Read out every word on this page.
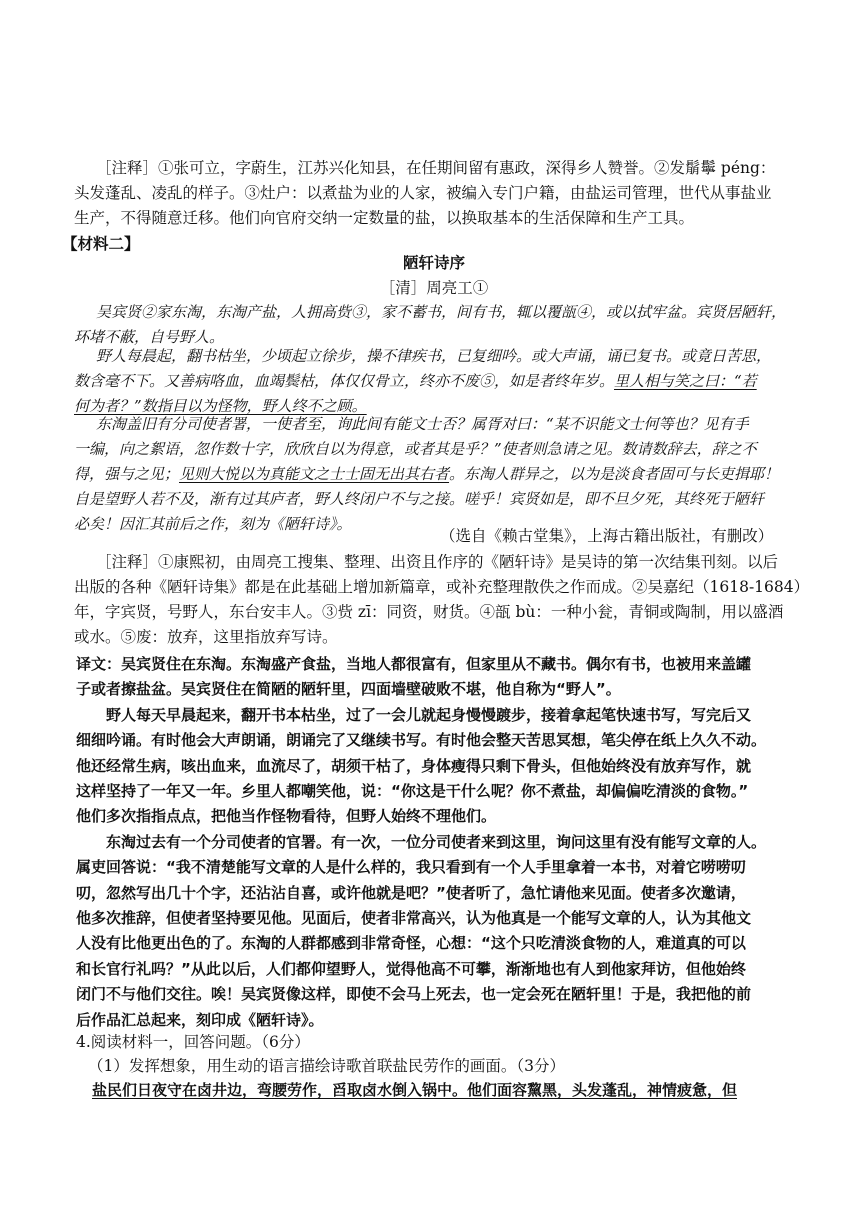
［注释］①张可立，字蔚生，江苏兴化知县，在任期间留有惠政，深得乡人赞誉。②发鬅鬡 péng：

头发蓬乱、凌乱的样子。③灶户：以煮盐为业的人家，被编入专门户籍，由盐运司管理，世代从事盐业

生产，不得随意迁移。他们向官府交纳一定数量的盐，以换取基本的生活保障和生产工具。

【材料二】
陋轩诗序
［清］周亮工①

吴宾贤②家东淘，东淘产盐，人拥高赀③，家不蓄书，间有书，辄以覆瓿④，或以拭牢盆。宾贤居陋轩，

环堵不蔽，自号野人。

野人每晨起，翻书枯坐，少顷起立徐步，操不律疾书，已复细吟。或大声诵，诵已复书。或竟日苦思，

数含毫不下。又善病咯血，血竭鬓枯，体仅仅骨立，终亦不废⑤，如是者终年岁。里人相与笑之曰：“若

何为者？”数指目以为怪物，野人终不之顾。

东淘盖旧有分司使者署，一使者至，询此间有能文士否？属胥对曰：“某不识能文士何等也？见有手

一编，向之絮语，忽作数十字，欣欣自以为得意，或者其是乎？”使者则急请之见。数请数辞去，辞之不

得，强与之见；见则大悦以为真能文之士士固无出其右者。东淘人群异之，以为是淡食者固可与长吏揖耶！

自是望野人若不及，渐有过其庐者，野人终闭户不与之接。嗟乎！宾贤如是，即不旦夕死，其终死于陋轩

必矣！因汇其前后之作，刻为《陋轩诗》。

（选自《赖古堂集》，上海古籍出版社，有删改）

［注释］①康熙初，由周亮工搜集、整理、出资且作序的《陋轩诗》是吴诗的第一次结集刊刻。以后

出版的各种《陋轩诗集》都是在此基础上增加新篇章，或补充整理散佚之作而成。②吴嘉纪（1618-1684）

年，字宾贤，号野人，东台安丰人。③赀 zī：同资，财货。④瓿 bù：一种小瓮，青铜或陶制，用以盛酒

或水。⑤废：放弃，这里指放弃写诗。

译文：吴宾贤住在东淘。东淘盛产食盐，当地人都很富有，但家里从不藏书。偶尔有书，也被用来盖罐

子或者擦盐盆。吴宾贤住在简陋的陋轩里，四面墙壁破败不堪，他自称为“野人”。

　　野人每天早晨起来，翻开书本枯坐，过了一会儿就起身慢慢踱步，接着拿起笔快速书写，写完后又

细细吟诵。有时他会大声朗诵，朗诵完了又继续书写。有时他会整天苦思冥想，笔尖停在纸上久久不动。

他还经常生病，咳出血来，血流尽了，胡须干枯了，身体瘦得只剩下骨头，但他始终没有放弃写作，就

这样坚持了一年又一年。乡里人都嘲笑他，说：“你这是干什么呢？你不煮盐，却偏偏吃清淡的食物。”

他们多次指指点点，把他当作怪物看待，但野人始终不理他们。

　　东淘过去有一个分司使者的官署。有一次，一位分司使者来到这里，询问这里有没有能写文章的人。

属吏回答说：“我不清楚能写文章的人是什么样的，我只看到有一个人手里拿着一本书，对着它唠唠叨

叨，忽然写出几十个字，还沾沾自喜，或许他就是吧？”使者听了，急忙请他来见面。使者多次邀请，

他多次推辞，但使者坚持要见他。见面后，使者非常高兴，认为他真是一个能写文章的人，认为其他文

人没有比他更出色的了。东淘的人群都感到非常奇怪，心想：“这个只吃清淡食物的人，难道真的可以

和长官行礼吗？”从此以后，人们都仰望野人，觉得他高不可攀，渐渐地也有人到他家拜访，但他始终

闭门不与他们交往。唉！吴宾贤像这样，即使不会马上死去，也一定会死在陋轩里！于是，我把他的前

后作品汇总起来，刻印成《陋轩诗》。

4.阅读材料一，回答问题。（6分）
（1）发挥想象，用生动的语言描绘诗歌首联盐民劳作的画面。（3分）
盐民们日夜守在卤井边，弯腰劳作，舀取卤水倒入锅中。他们面容黧黑，头发蓬乱，神情疲惫，但
